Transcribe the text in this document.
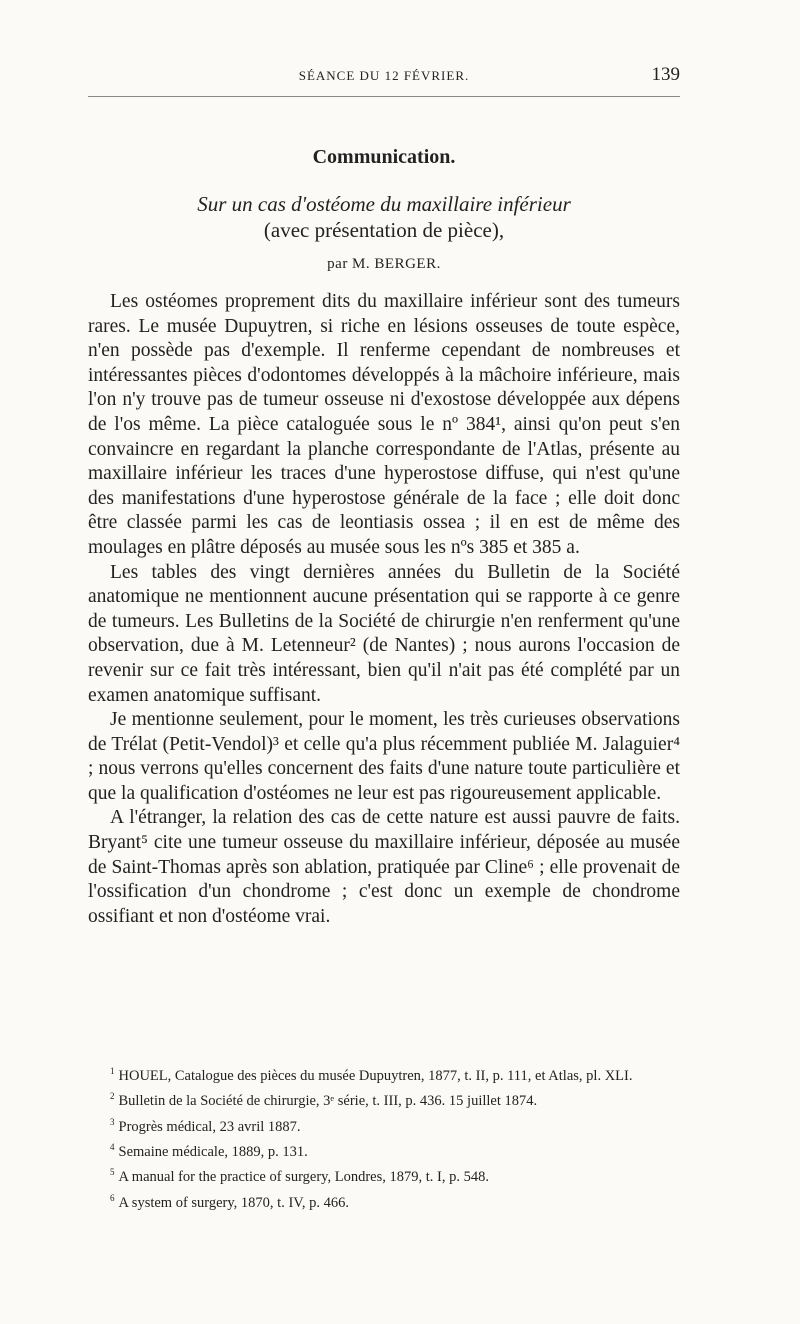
SÉANCE DU 12 FÉVRIER.	139
Communication.
Sur un cas d'ostéome du maxillaire inférieur
(avec présentation de pièce),
par M. BERGER.

Les ostéomes proprement dits du maxillaire inférieur sont des tumeurs rares. Le musée Dupuytren, si riche en lésions osseuses de toute espèce, n'en possède pas d'exemple. Il renferme cependant de nombreuses et intéressantes pièces d'odontomes développés à la mâchoire inférieure, mais l'on n'y trouve pas de tumeur osseuse ni d'exostose développée aux dépens de l'os même. La pièce cataloguée sous le nº 384¹, ainsi qu'on peut s'en convaincre en regardant la planche correspondante de l'Atlas, présente au maxillaire inférieur les traces d'une hyperostose diffuse, qui n'est qu'une des manifestations d'une hyperostose générale de la face ; elle doit donc être classée parmi les cas de leontiasis ossea ; il en est de même des moulages en plâtre déposés au musée sous les nºs 385 et 385 a.

Les tables des vingt dernières années du Bulletin de la Société anatomique ne mentionnent aucune présentation qui se rapporte à ce genre de tumeurs. Les Bulletins de la Société de chirurgie n'en renferment qu'une observation, due à M. Letenneur² (de Nantes) ; nous aurons l'occasion de revenir sur ce fait très intéressant, bien qu'il n'ait pas été complété par un examen anatomique suffisant.

Je mentionne seulement, pour le moment, les très curieuses observations de Trélat (Petit-Vendol)³ et celle qu'a plus récemment publiée M. Jalaguier⁴ ; nous verrons qu'elles concernent des faits d'une nature toute particulière et que la qualification d'ostéomes ne leur est pas rigoureusement applicable.

A l'étranger, la relation des cas de cette nature est aussi pauvre de faits. Bryant⁵ cite une tumeur osseuse du maxillaire inférieur, déposée au musée de Saint-Thomas après son ablation, pratiquée par Cline⁶ ; elle provenait de l'ossification d'un chondrome ; c'est donc un exemple de chondrome ossifiant et non d'ostéome vrai.

$^1$ HOUEL, Catalogue des pièces du musée Dupuytren, 1877, t. II, p. 111, et Atlas, pl. XLI.

$^2$ Bulletin de la Société de chirurgie, 3ᵉ série, t. III, p. 436. 15 juillet 1874.

$^3$ Progrès médical, 23 avril 1887.

$^4$ Semaine médicale, 1889, p. 131.

$^5$ A manual for the practice of surgery, Londres, 1879, t. I, p. 548.

$^6$ A system of surgery, 1870, t. IV, p. 466.
